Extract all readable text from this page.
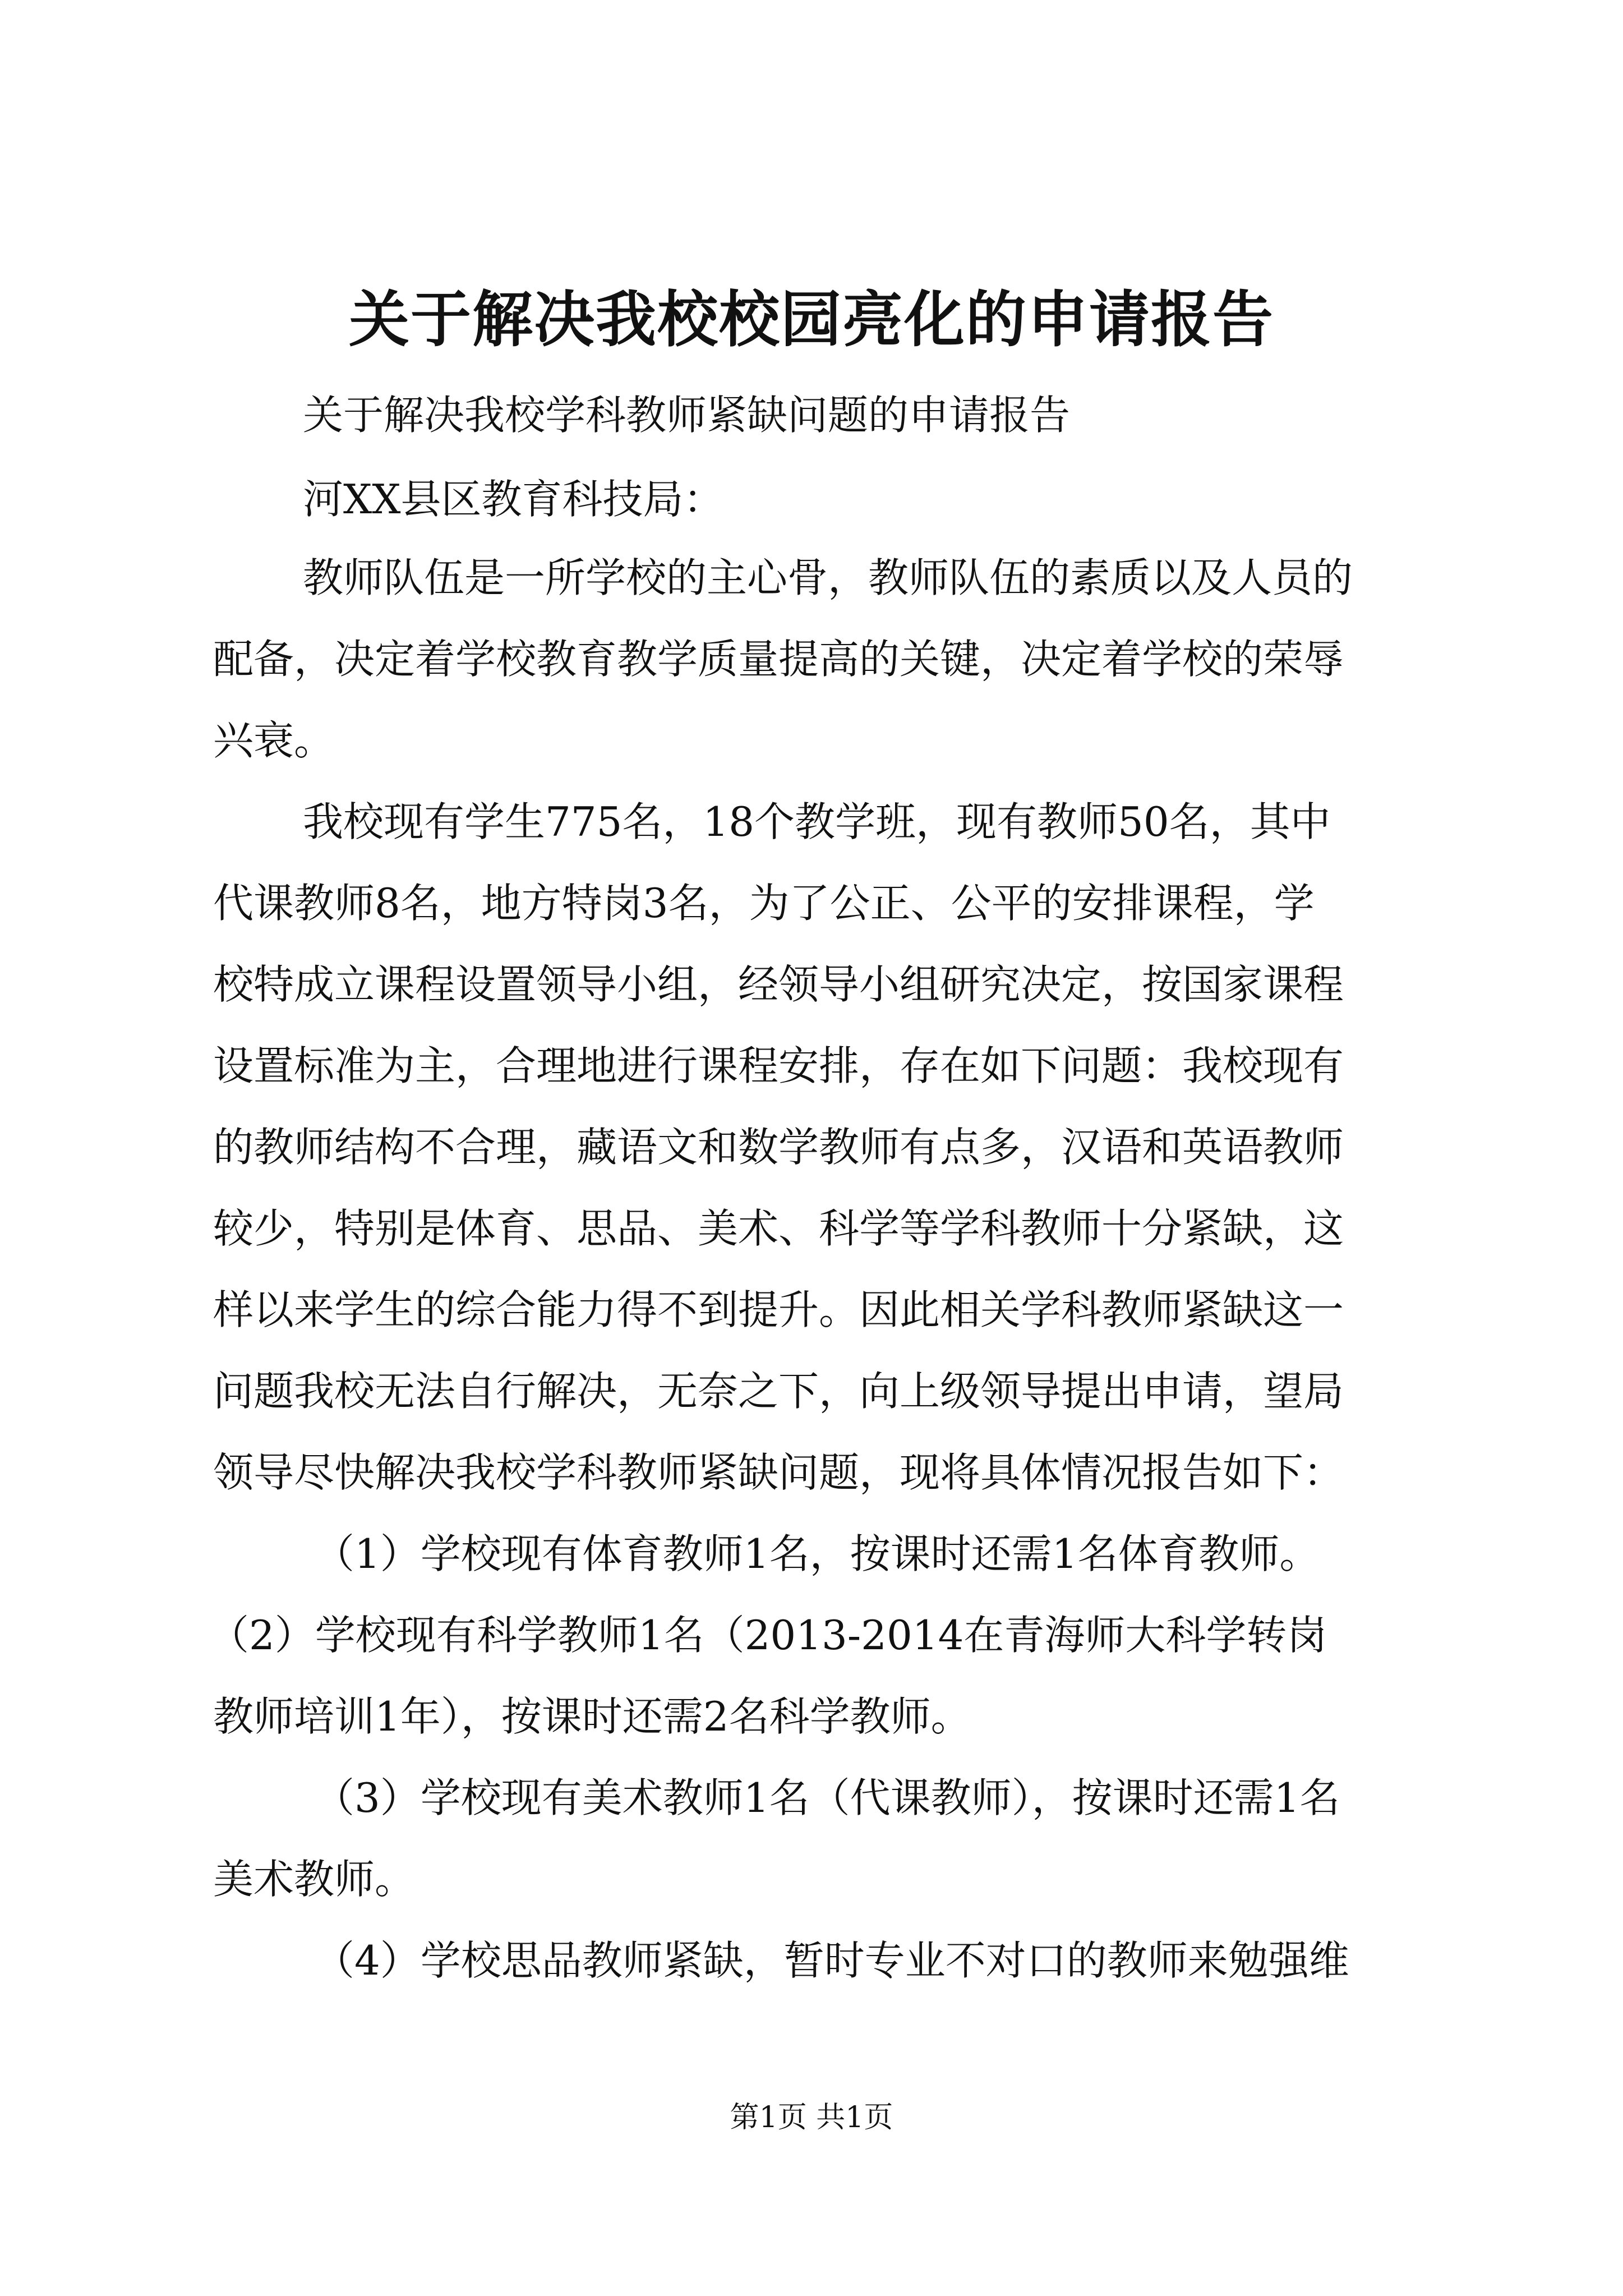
关于解决我校校园亮化的申请报告
关于解决我校学科教师紧缺问题的申请报告
河XX县区教育科技局：
教师队伍是一所学校的主心骨，教师队伍的素质以及人员的
配备，决定着学校教育教学质量提高的关键，决定着学校的荣辱
兴衰。
我校现有学生775名，18个教学班，现有教师50名，其中
代课教师8名，地方特岗3名，为了公正、公平的安排课程，学
校特成立课程设置领导小组，经领导小组研究决定，按国家课程
设置标准为主，合理地进行课程安排，存在如下问题：我校现有
的教师结构不合理，藏语文和数学教师有点多，汉语和英语教师
较少，特别是体育、思品、美术、科学等学科教师十分紧缺，这
样以来学生的综合能力得不到提升。因此相关学科教师紧缺这一
问题我校无法自行解决，无奈之下，向上级领导提出申请，望局
领导尽快解决我校学科教师紧缺问题，现将具体情况报告如下：
（1）学校现有体育教师1名，按课时还需1名体育教师。
（2）学校现有科学教师1名（2013-2014在青海师大科学转岗
教师培训1年），按课时还需2名科学教师。
（3）学校现有美术教师1名（代课教师），按课时还需1名
美术教师。
（4）学校思品教师紧缺，暂时专业不对口的教师来勉强维
第1页 共1页
